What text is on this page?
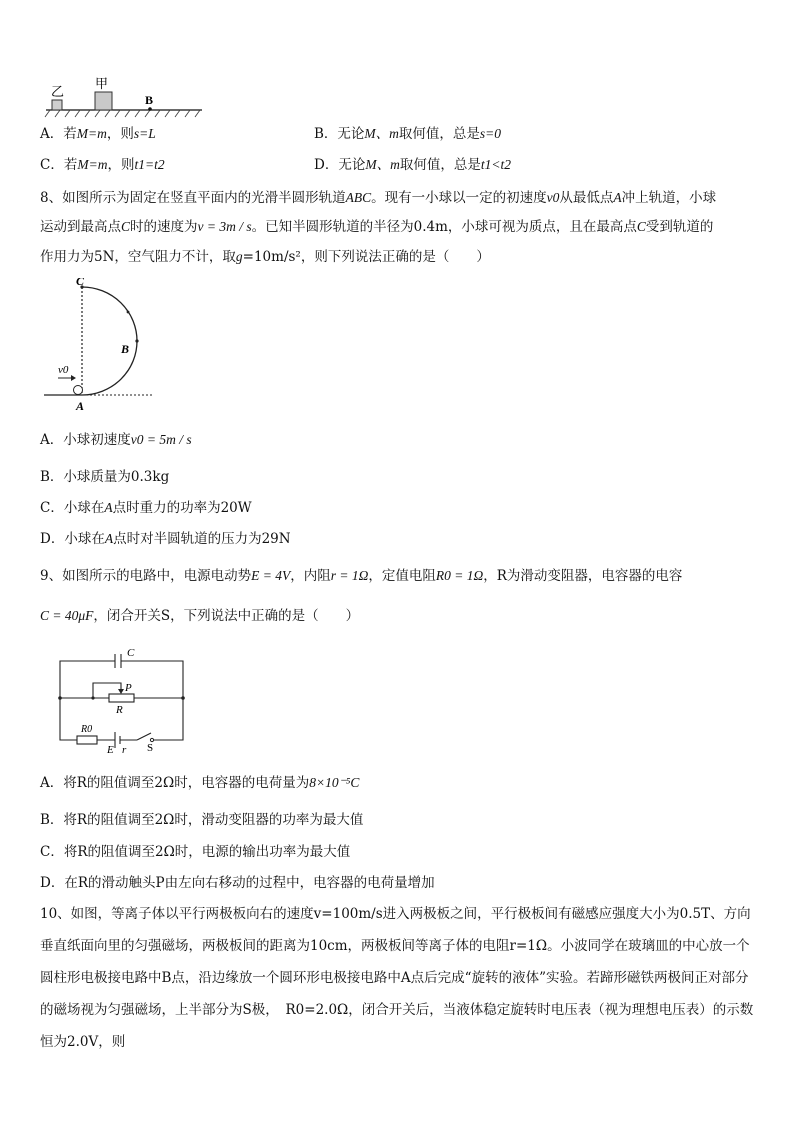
乙
甲
B
A．若M=m，则s=L	B．无论M、m取何值，总是s=0
C．若M=m，则t1=t2	D．无论M、m取何值，总是t1<t2
8、如图所示为固定在竖直平面内的光滑半圆形轨道ABC。现有一小球以一定的初速度v0从最低点A冲上轨道，小球
运动到最高点C时的速度为v = 3m / s。已知半圆形轨道的半径为0.4m，小球可视为质点，且在最高点C受到轨道的
作用力为5N，空气阻力不计，取g=10m/s²，则下列说法正确的是（　　）
C
B
A
v0
A．小球初速度v0 = 5m / s
B．小球质量为0.3kg
C．小球在A点时重力的功率为20W
D．小球在A点时对半圆轨道的压力为29N
9、如图所示的电路中，电源电动势E = 4V，内阻r = 1Ω，定值电阻R0 = 1Ω，R为滑动变阻器，电容器的电容
C = 40μF，闭合开关S，下列说法中正确的是（　　）
C
P
R
R0
E r S
A．将R的阻值调至2Ω时，电容器的电荷量为8×10⁻⁵C
B．将R的阻值调至2Ω时，滑动变阻器的功率为最大值
C．将R的阻值调至2Ω时，电源的输出功率为最大值
D．在R的滑动触头P由左向右移动的过程中，电容器的电荷量增加
10、如图，等离子体以平行两极板向右的速度v=100m/s进入两极板之间，平行极板间有磁感应强度大小为0.5T、方向垂直纸面向里的匀强磁场，两极板间的距离为10cm，两极板间等离子体的电阻r=1Ω。小波同学在玻璃皿的中心放一个圆柱形电极接电路中B点，沿边缘放一个圆环形电极接电路中A点后完成“旋转的液体”实验。若蹄形磁铁两极间正对部分的磁场视为匀强磁场，上半部分为S极，　R0=2.0Ω，闭合开关后，当液体稳定旋转时电压表（视为理想电压表）的示数恒为2.0V，则
